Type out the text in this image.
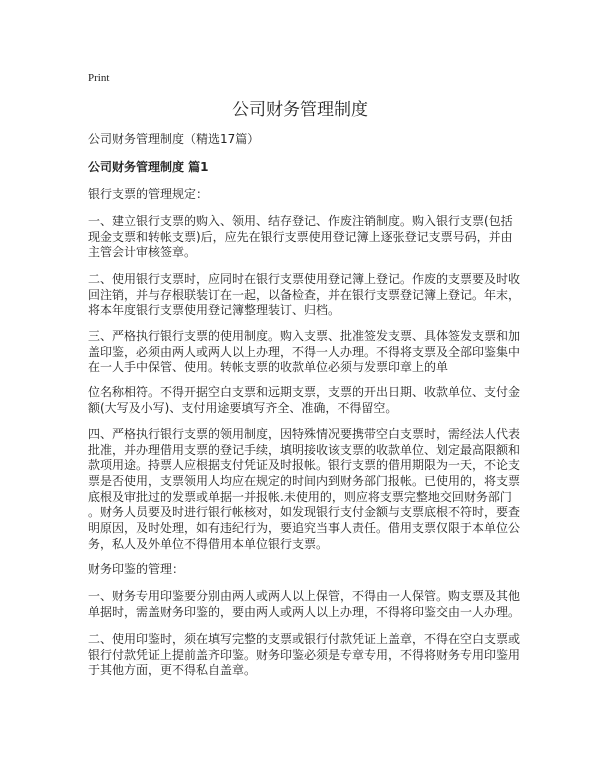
Print
公司财务管理制度
公司财务管理制度（精选17篇）
公司财务管理制度 篇1
银行支票的管理规定：
一、建立银行支票的购入、领用、结存登记、作废注销制度。购入银行支票(包括
现金支票和转帐支票)后，应先在银行支票使用登记簿上逐张登记支票号码，并由
主管会计审核签章。
二、使用银行支票时，应同时在银行支票使用登记簿上登记。作废的支票要及时收
回注销，并与存根联装订在一起，以备检查，并在银行支票登记簿上登记。年末，
将本年度银行支票使用登记簿整理装订、归档。
三、严格执行银行支票的使用制度。购入支票、批准签发支票、具体签发支票和加
盖印鉴，必须由两人或两人以上办理，不得一人办理。不得将支票及全部印鉴集中
在一人手中保管、使用。转帐支票的收款单位必须与发票印章上的单
位名称相符。不得开据空白支票和远期支票，支票的开出日期、收款单位、支付金
额(大写及小写)、支付用途要填写齐全、准确，不得留空。
四、严格执行银行支票的领用制度，因特殊情况要携带空白支票时，需经法人代表
批准，并办理借用支票的登记手续，填明接收该支票的收款单位、划定最高限额和
款项用途。持票人应根据支付凭证及时报帐。银行支票的借用期限为一天，不论支
票是否使用，支票领用人均应在规定的时间内到财务部门报帐。已使用的，将支票
底根及审批过的发票或单据一并报帐.未使用的，则应将支票完整地交回财务部门
。财务人员要及时进行银行帐核对，如发现银行支付金额与支票底根不符时，要查
明原因，及时处理，如有违纪行为，要追究当事人责任。借用支票仅限于本单位公
务，私人及外单位不得借用本单位银行支票。
财务印鉴的管理：
一、财务专用印鉴要分别由两人或两人以上保管，不得由一人保管。购支票及其他
单据时，需盖财务印鉴的，要由两人或两人以上办理，不得将印鉴交由一人办理。
二、使用印鉴时，须在填写完整的支票或银行付款凭证上盖章，不得在空白支票或
银行付款凭证上提前盖齐印鉴。财务印鉴必须是专章专用，不得将财务专用印鉴用
于其他方面，更不得私自盖章。
